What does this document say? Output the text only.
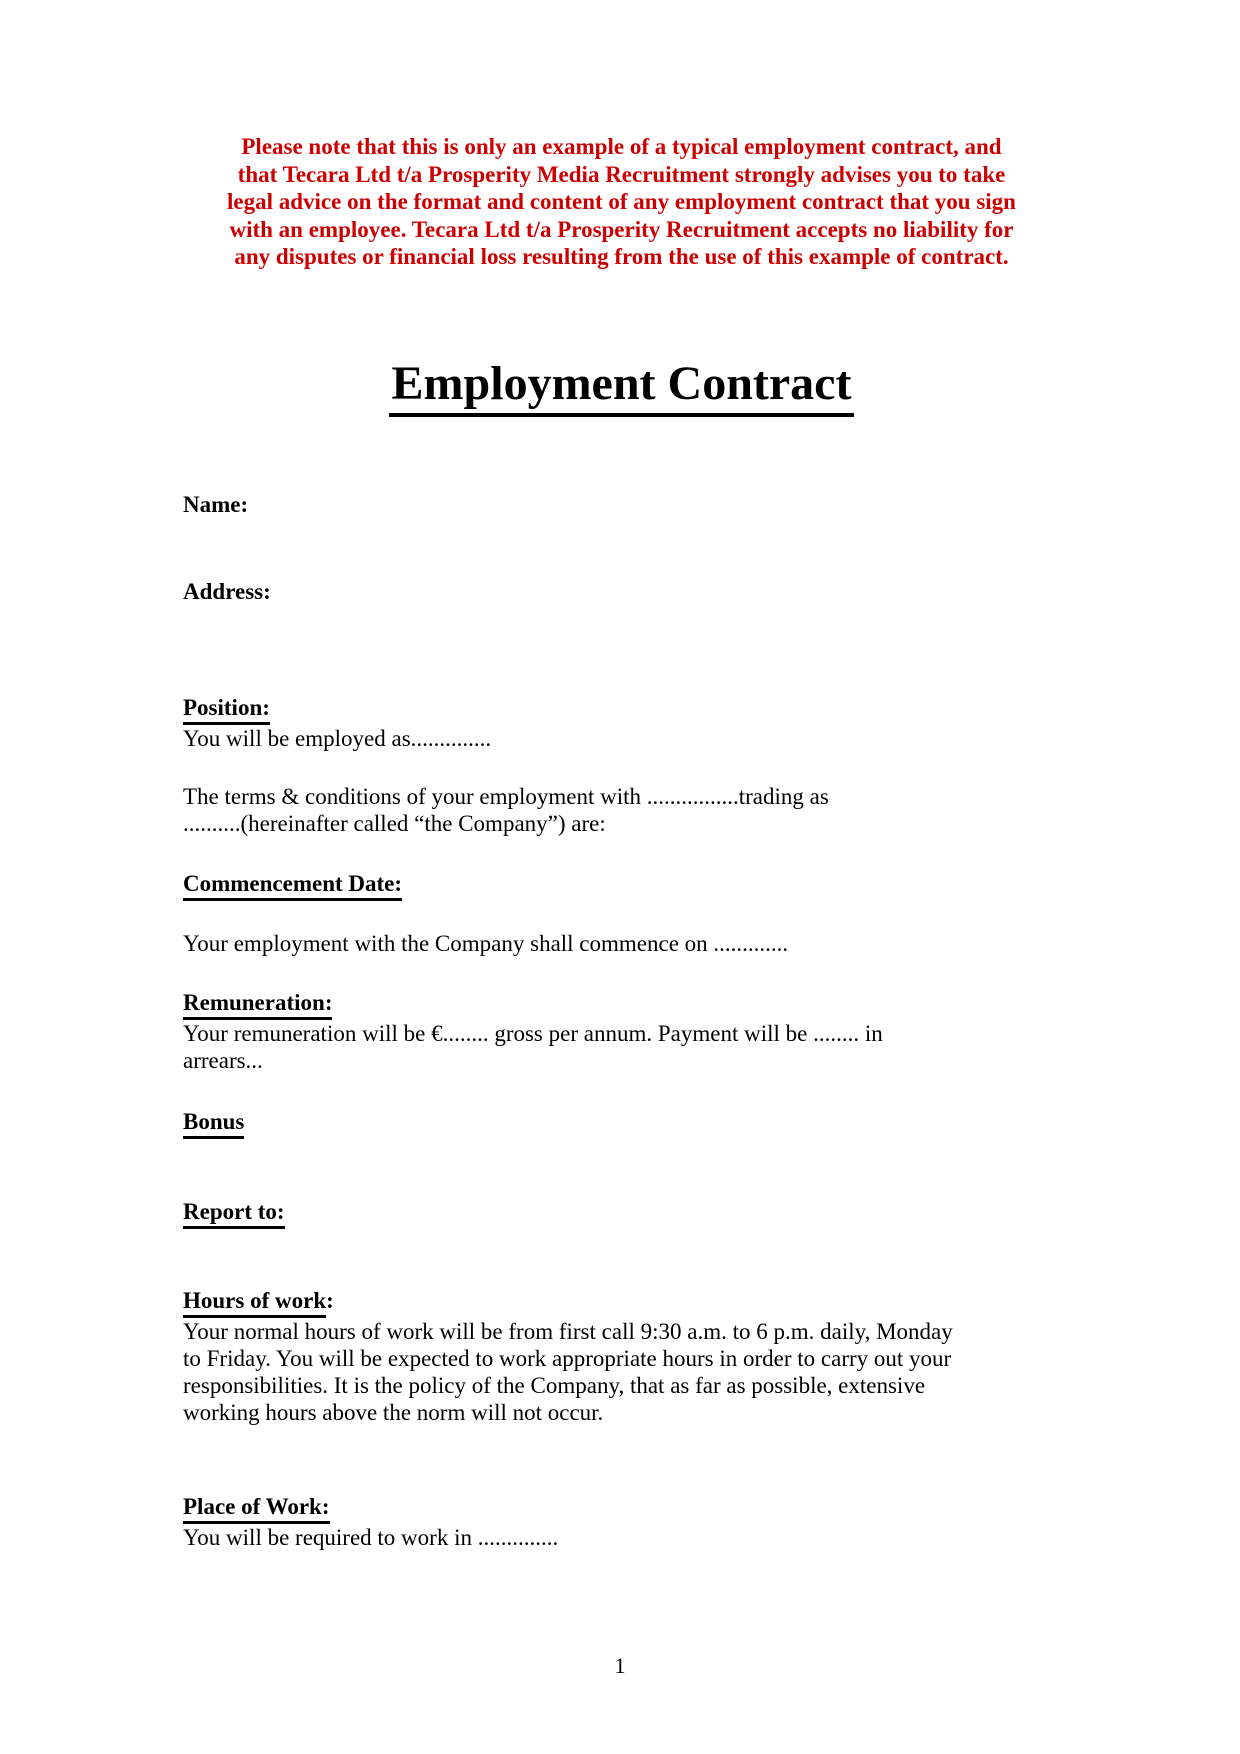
Please note that this is only an example of a typical employment contract, and
that Tecara Ltd t/a Prosperity Media Recruitment strongly advises you to take
legal advice on the format and content of any employment contract that you sign
with an employee. Tecara Ltd t/a Prosperity Recruitment accepts no liability for
any disputes or financial loss resulting from the use of this example of contract.
Employment Contract
Name:
Address:
Position:
You will be employed as..............
The terms & conditions of your employment with ................trading as
..........(hereinafter called “the Company”) are:
Commencement Date:
Your employment with the Company shall commence on .............
Remuneration:
Your remuneration will be €........ gross per annum. Payment will be ........ in
arrears...
Bonus
Report to:
Hours of work:
Your normal hours of work will be from first call 9:30 a.m. to 6 p.m. daily, Monday
to Friday. You will be expected to work appropriate hours in order to carry out your
responsibilities. It is the policy of the Company, that as far as possible, extensive
working hours above the norm will not occur.
Place of Work:
You will be required to work in ..............
1
